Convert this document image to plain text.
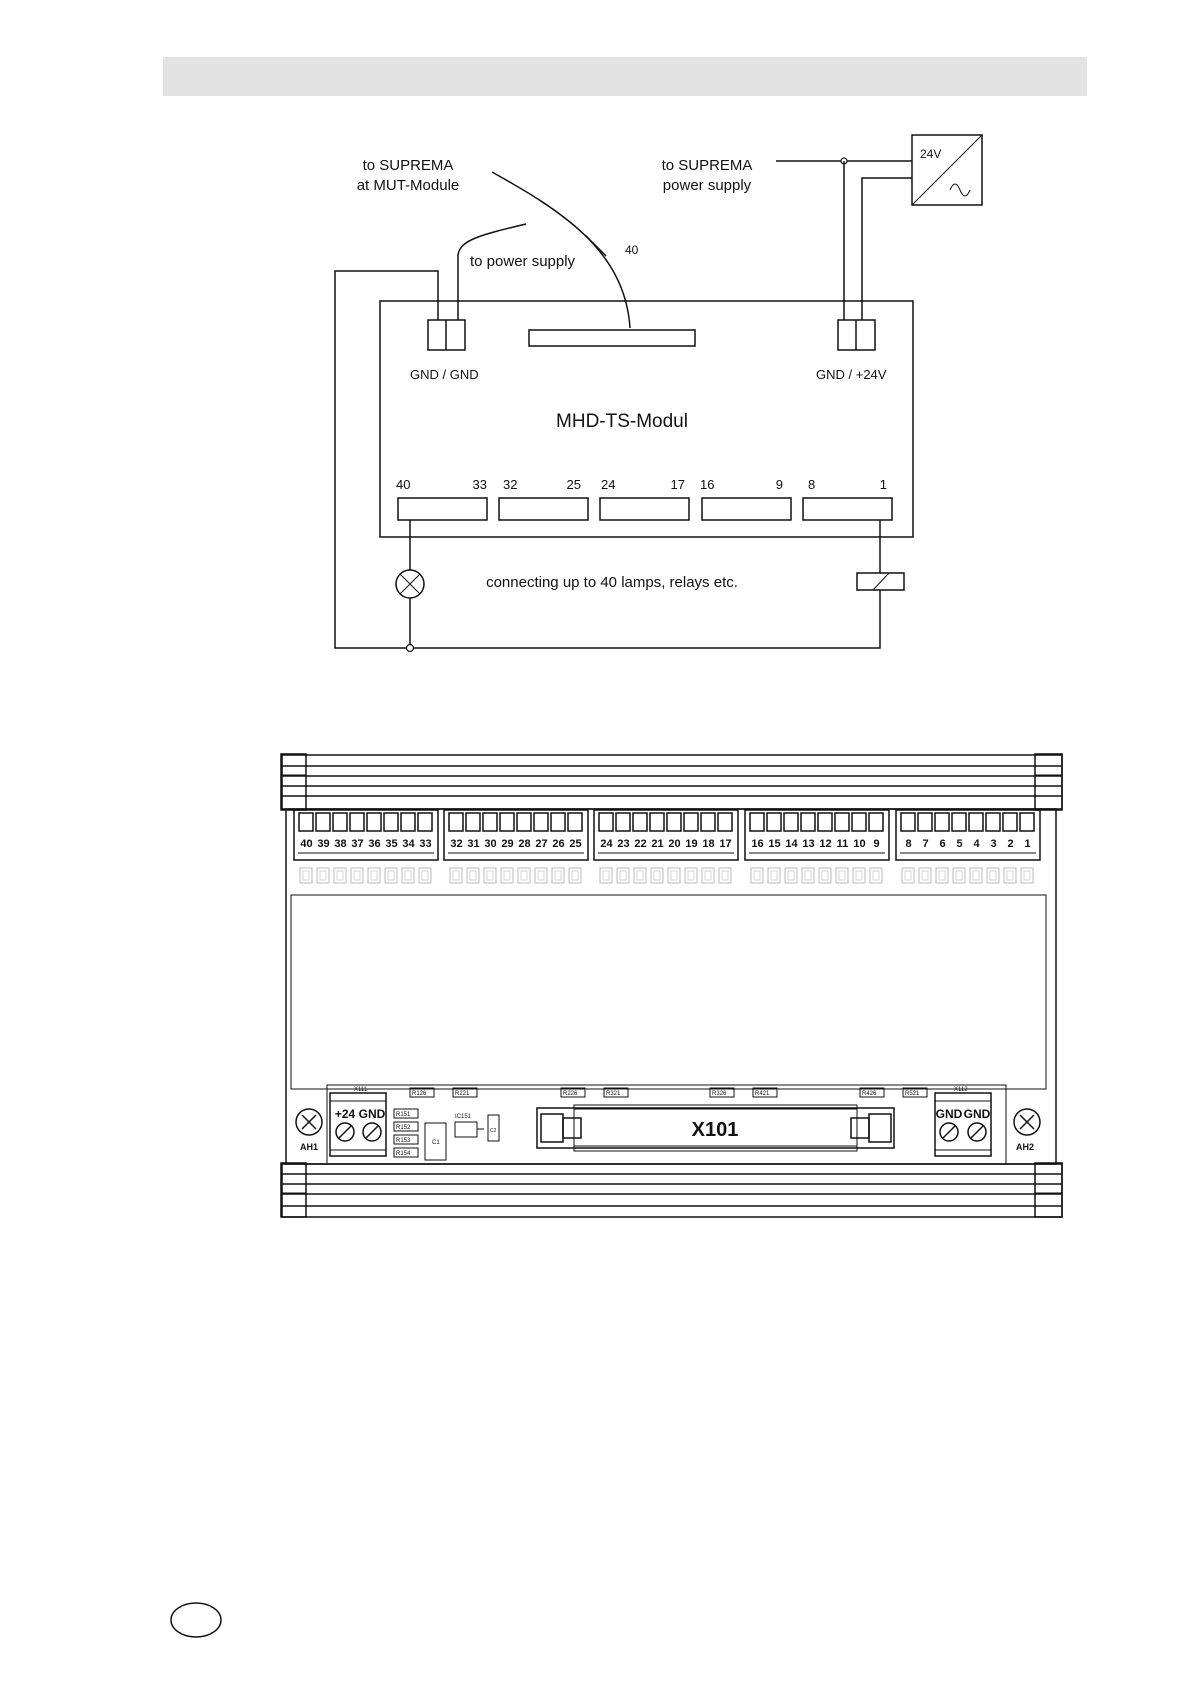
to SUPREMA
at MUT-Module
to SUPREMA
power supply
to power supply
40
24V
GND / GND	GND / +24V
MHD-TS-Modul
40	33 32	25 24	17 16	9 8	1
connecting up to 40 lamps, relays etc.
40 39 38 37 36 35 34 33 32 31 30 29 28 27 26 25 24 23 22 21 20 19 18 17 16 15 14 13 12 11 10 9 8 7 6 5 4 3 2 1
AH1	AH2
X111
+24 GND
X112
GND GND
R126	R221	R226	R321	R326	R421	R426	R521
R151
R152
R153
R154
C1
IC151
C2	X101
